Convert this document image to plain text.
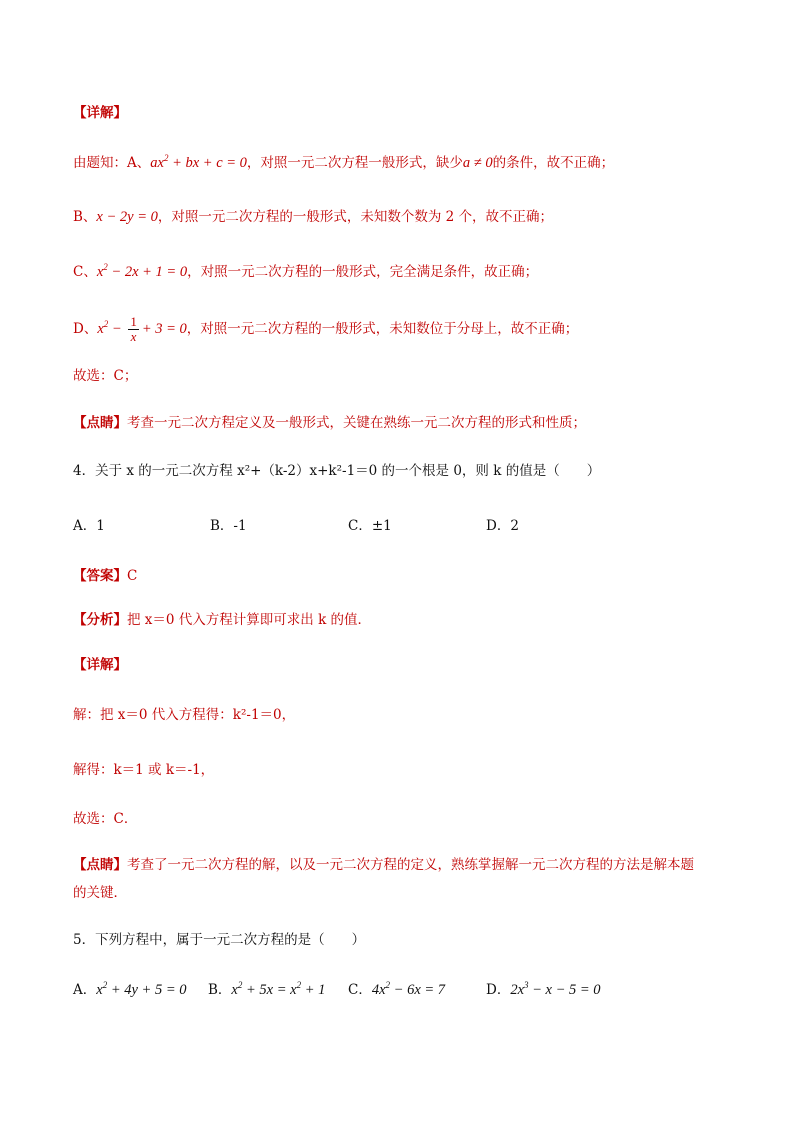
【详解】
由题知：A、$ax^2$ + bx + c = 0，对照一元二次方程一般形式，缺少a ≠ 0的条件，故不正确；
B、x − 2y = 0，对照一元二次方程的一般形式，未知数个数为 2 个，故不正确；
C、$x^2 - 2x + 1 = 0$，对照一元二次方程的一般形式，完全满足条件，故正确；
D、$x^2 - \frac{1}{x} + 3 = 0$，对照一元二次方程的一般形式，未知数位于分母上，故不正确；
故选：C；
【点睛】考查一元二次方程定义及一般形式，关键在熟练一元二次方程的形式和性质；
4．关于 x 的一元二次方程 x²+（k-2）x+k²-1＝0 的一个根是 0，则 k 的值是（　　）
A．1	B．-1	C．±1	D．2
【答案】C
【分析】把 x＝0 代入方程计算即可求出 k 的值．
【详解】
解：把 x＝0 代入方程得：k²-1＝0，
解得：k＝1 或 k＝-1，
故选：C．
【点睛】考查了一元二次方程的解，以及一元二次方程的定义，熟练掌握解一元二次方程的方法是解本题
的关键．
5．下列方程中，属于一元二次方程的是（　　）
A．$x^2 + 4y + 5 = 0$ B．$x^2 + 5x = x^2 + 1$ C．$4x^2 - 6x = 7$	D．$2x^3 - x - 5 = 0$
